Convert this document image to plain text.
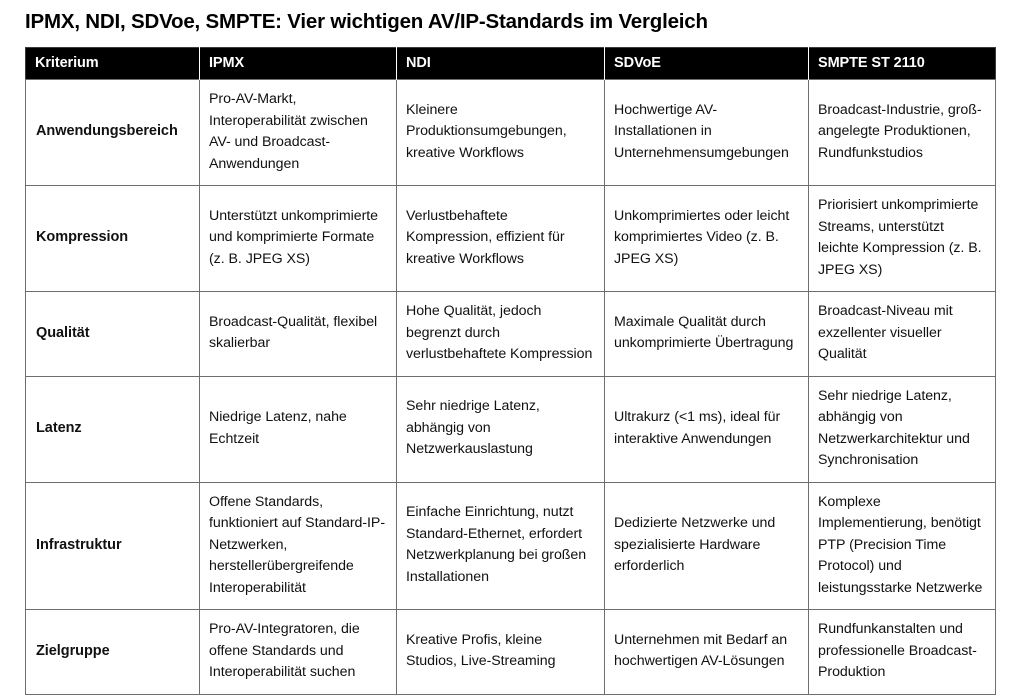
IPMX, NDI, SDVoe, SMPTE: Vier wichtigen AV/IP-Standards im Vergleich
Kriterium	IPMX	NDI	SDVoE	SMPTE ST 2110
Anwendungsbereich	Pro-AV-Markt, Interoperabilität zwischen AV- und Broadcast-Anwendungen	Kleinere Produktionsumgebungen, kreative Workflows	Hochwertige AV-Installationen in Unternehmensumgebungen	Broadcast-Industrie, groß-angelegte Produktionen, Rundfunkstudios
Kompression	Unterstützt unkomprimierte und komprimierte Formate (z. B. JPEG XS)	Verlustbehaftete Kompression, effizient für kreative Workflows	Unkomprimiertes oder leicht komprimiertes Video (z. B. JPEG XS)	Priorisiert unkomprimierte Streams, unterstützt leichte Kompression (z. B. JPEG XS)
Qualität	Broadcast-Qualität, flexibel skalierbar	Hohe Qualität, jedoch begrenzt durch verlustbehaftete Kompression	Maximale Qualität durch unkomprimierte Übertragung	Broadcast-Niveau mit exzellenter visueller Qualität
Latenz	Niedrige Latenz, nahe Echtzeit	Sehr niedrige Latenz, abhängig von Netzwerkauslastung	Ultrakurz (<1 ms), ideal für interaktive Anwendungen	Sehr niedrige Latenz, abhängig von Netzwerkarchitektur und Synchronisation
Infrastruktur	Offene Standards, funktioniert auf Standard-IP-Netzwerken, herstellerübergreifende Interoperabilität	Einfache Einrichtung, nutzt Standard-Ethernet, erfordert Netzwerkplanung bei großen Installationen	Dedizierte Netzwerke und spezialisierte Hardware erforderlich	Komplexe Implementierung, benötigt PTP (Precision Time Protocol) und leistungsstarke Netzwerke
Zielgruppe	Pro-AV-Integratoren, die offene Standards und Interoperabilität suchen	Kreative Profis, kleine Studios, Live-Streaming	Unternehmen mit Bedarf an hochwertigen AV-Lösungen	Rundfunkanstalten und professionelle Broadcast-Produktion
